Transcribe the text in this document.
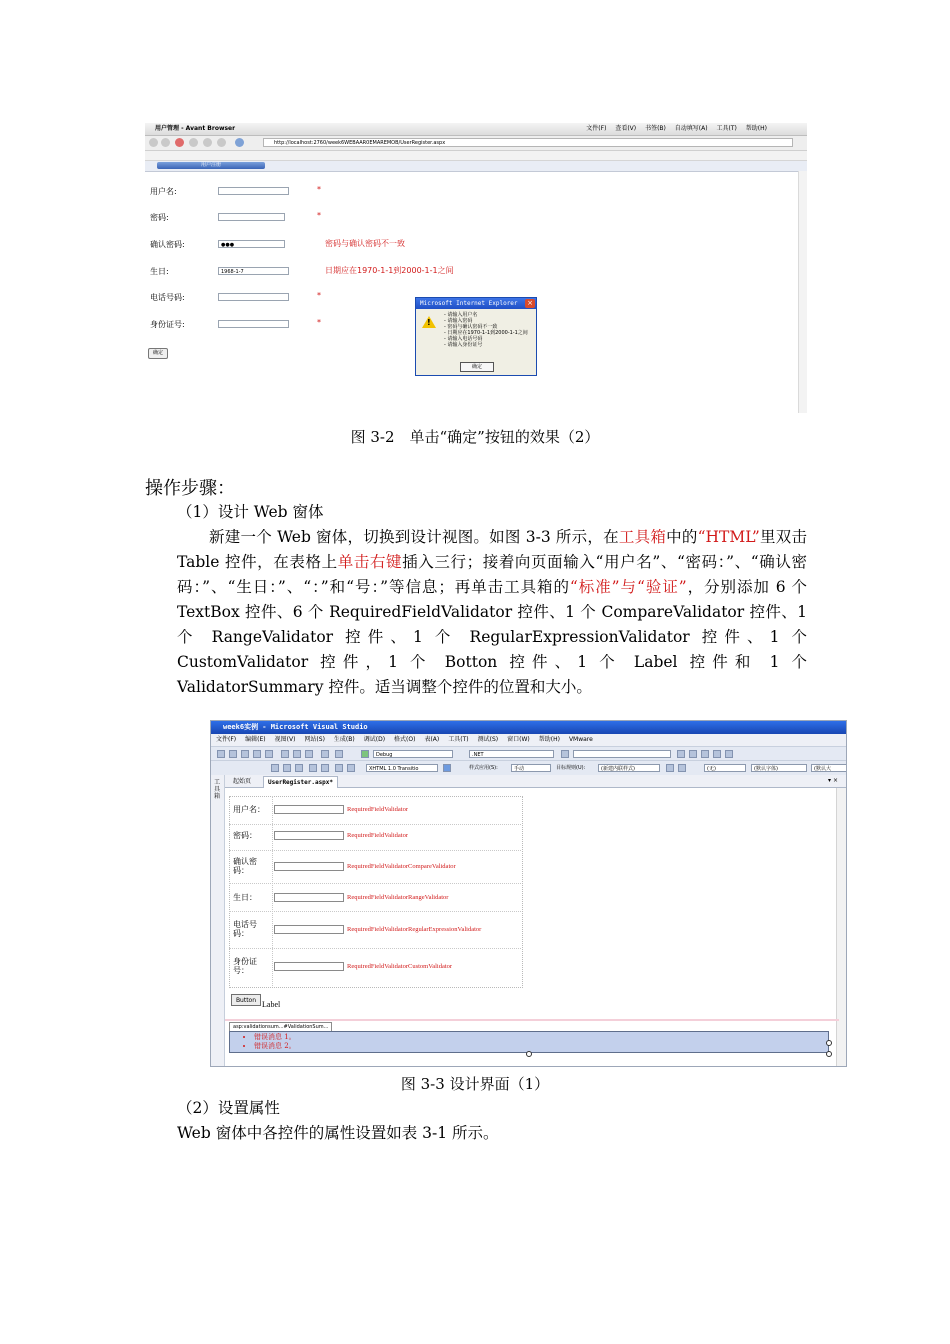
用户管理 - Avant Browser	文件(F) 查看(V) 书签(B) 自动填写(A) 工具(T) 帮助(H)
http://localhost:2760/week6WEBAAR0EMAREMOB/UserRegister.aspx
用户注册
用户名:	*
密码:	*
确认密码:	●●●	密码与确认密码不一致
生日:	1968-1-7	日期应在1970-1-1到2000-1-1之间
电话号码:	*
身份证号:	*
确定
Microsoft Internet Explorer	×
!
- 请输入用户名
- 请输入密码
- 密码与确认密码不一致
- 日期应在1970-1-1到2000-1-1之间
- 请输入电话号码
- 请输入身份证号
确定
图 3-2　单击“确定”按钮的效果（2）
操作步骤：
（1）设计 Web 窗体
新建一个 Web 窗体，切换到设计视图。如图 3-3 所示，在工具箱中的“HTML”里双击 Table 控件，在表格上单击右键插入三行；接着向页面输入“用户名”、“密码：”、“确认密码：”、“生日：”、“：”和“号：”等信息；再单击工具箱的“标准”与“验证”，分别添加 6 个 TextBox 控件、6 个 RequiredFieldValidator 控件、1 个 CompareValidator 控件、1 个 RangeValidator 控件、1 个 RegularExpressionValidator 控件、1 个 CustomValidator 控件，1 个 Botton 控件、1 个 Label 控件和 1 个 ValidatorSummary 控件。适当调整个控件的位置和大小。
week6实例 - Microsoft Visual Studio
文件(F) 编辑(E) 视图(V) 网站(S) 生成(B) 调试(D) 格式(O) 表(A) 工具(T) 测试(S) 窗口(W) 帮助(H) VMware
Debug	.NET
XHTML 1.0 Transitio	样式应用(S):	手动	目标规则(U):	(新建内联样式)	(无)	(默认字体)	(默认大
工具箱
起始页	UserRegister.aspx*	▾ ×
用户名：	RequiredFieldValidator
密码：	RequiredFieldValidator
确认密码：	RequiredFieldValidatorCompareValidator
生日：	RequiredFieldValidatorRangeValidator
电话号码：	RequiredFieldValidatorRegularExpressionValidator
身份证号：	RequiredFieldValidatorCustomValidator
Button Label
asp:validationsum...#ValidationSum...
• 错误消息 1。
• 错误消息 2。
图 3-3 设计界面（1）
（2）设置属性
Web 窗体中各控件的属性设置如表 3-1 所示。
